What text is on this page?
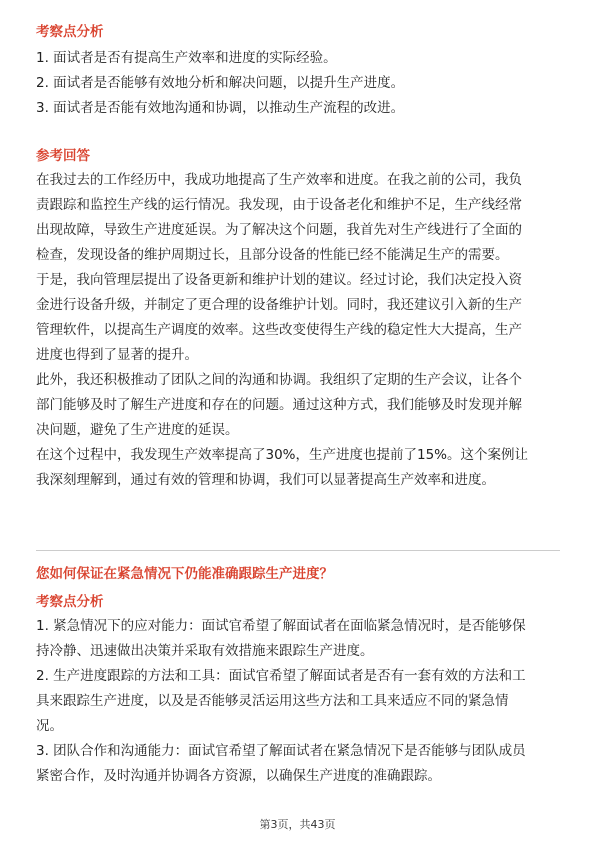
考察点分析
1. 面试者是否有提高生产效率和进度的实际经验。
2. 面试者是否能够有效地分析和解决问题，以提升生产进度。
3. 面试者是否能有效地沟通和协调，以推动生产流程的改进。
参考回答
在我过去的工作经历中，我成功地提高了生产效率和进度。在我之前的公司，我负
责跟踪和监控生产线的运行情况。我发现，由于设备老化和维护不足，生产线经常
出现故障，导致生产进度延误。为了解决这个问题，我首先对生产线进行了全面的
检查，发现设备的维护周期过长，且部分设备的性能已经不能满足生产的需要。
于是，我向管理层提出了设备更新和维护计划的建议。经过讨论，我们决定投入资
金进行设备升级，并制定了更合理的设备维护计划。同时，我还建议引入新的生产
管理软件，以提高生产调度的效率。这些改变使得生产线的稳定性大大提高，生产
进度也得到了显著的提升。
此外，我还积极推动了团队之间的沟通和协调。我组织了定期的生产会议，让各个
部门能够及时了解生产进度和存在的问题。通过这种方式，我们能够及时发现并解
决问题，避免了生产进度的延误。
在这个过程中，我发现生产效率提高了30%，生产进度也提前了15%。这个案例让
我深刻理解到，通过有效的管理和协调，我们可以显著提高生产效率和进度。
您如何保证在紧急情况下仍能准确跟踪生产进度？
考察点分析
1. 紧急情况下的应对能力：面试官希望了解面试者在面临紧急情况时，是否能够保
持冷静、迅速做出决策并采取有效措施来跟踪生产进度。
2. 生产进度跟踪的方法和工具：面试官希望了解面试者是否有一套有效的方法和工
具来跟踪生产进度，以及是否能够灵活运用这些方法和工具来适应不同的紧急情
况。
3. 团队合作和沟通能力：面试官希望了解面试者在紧急情况下是否能够与团队成员
紧密合作，及时沟通并协调各方资源，以确保生产进度的准确跟踪。
第3页，共43页
